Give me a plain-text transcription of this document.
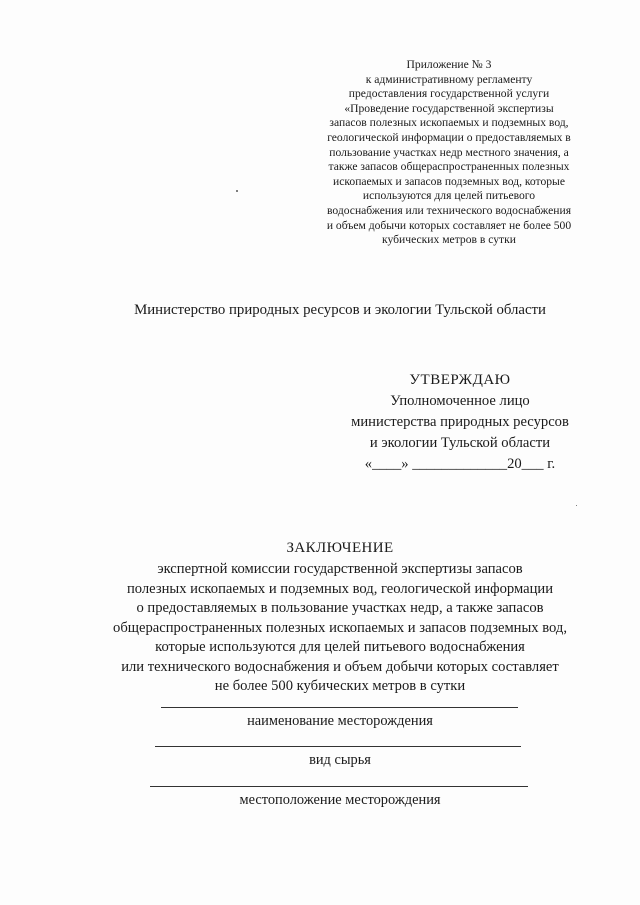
Приложение № 3
к административному регламенту
предоставления государственной услуги
«Проведение государственной экспертизы
запасов полезных ископаемых и подземных вод,
геологической информации о предоставляемых в
пользование участках недр местного значения, а
также запасов общераспространенных полезных
ископаемых и запасов подземных вод, которые
используются для целей питьевого
водоснабжения или технического водоснабжения
и объем добычи которых составляет не более 500
кубических метров в сутки
Министерство природных ресурсов и экологии Тульской области
УТВЕРЖДАЮ
Уполномоченное лицо
министерства природных ресурсов
и экологии Тульской области
«____» _____________20___ г.
ЗАКЛЮЧЕНИЕ
экспертной комиссии государственной экспертизы запасов
полезных ископаемых и подземных вод, геологической информации
о предоставляемых в пользование участках недр, а также запасов
общераспространенных полезных ископаемых и запасов подземных вод,
которые используются для целей питьевого водоснабжения
или технического водоснабжения и объем добычи которых составляет
не более 500 кубических метров в сутки
наименование месторождения
вид сырья
местоположение месторождения
